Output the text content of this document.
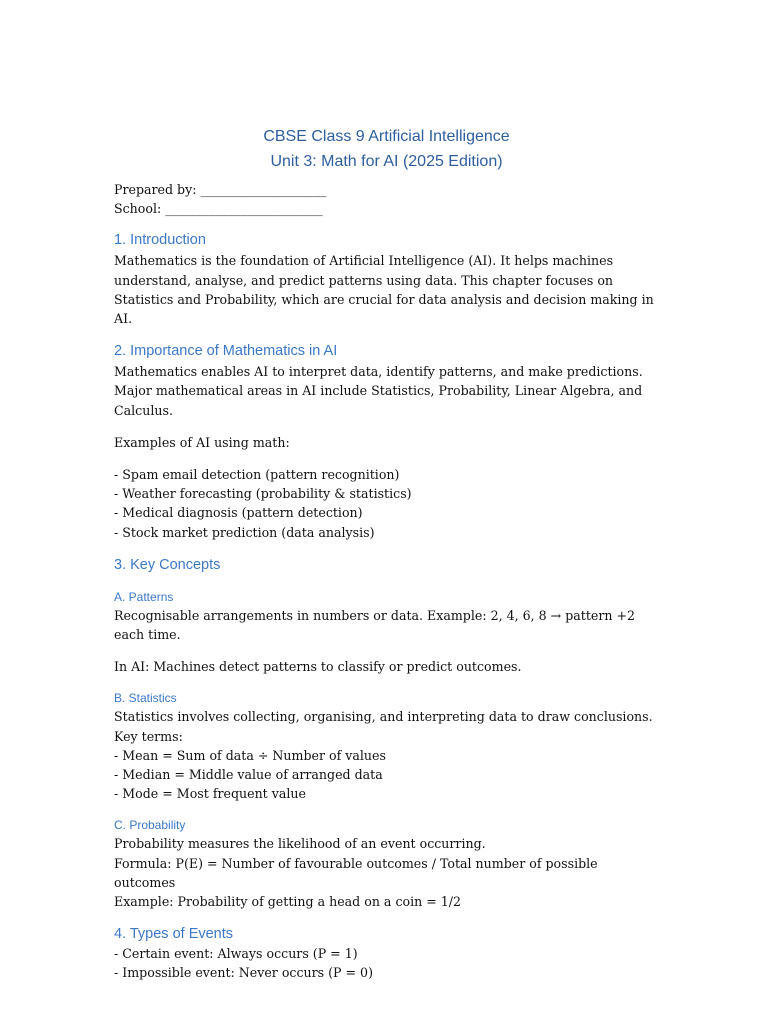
CBSE Class 9 Artificial Intelligence

Unit 3: Math for AI (2025 Edition)

Prepared by: ____________________

School: _________________________

1. Introduction

Mathematics is the foundation of Artificial Intelligence (AI). It helps machines understand, analyse, and predict patterns using data. This chapter focuses on Statistics and Probability, which are crucial for data analysis and decision making in AI.

2. Importance of Mathematics in AI

Mathematics enables AI to interpret data, identify patterns, and make predictions. Major mathematical areas in AI include Statistics, Probability, Linear Algebra, and Calculus.

Examples of AI using math:

- Spam email detection (pattern recognition)
- Weather forecasting (probability & statistics)
- Medical diagnosis (pattern detection)
- Stock market prediction (data analysis)
3. Key Concepts
A. Patterns

Recognisable arrangements in numbers or data. Example: 2, 4, 6, 8 → pattern +2 each time.

In AI: Machines detect patterns to classify or predict outcomes.

B. Statistics
Statistics involves collecting, organising, and interpreting data to draw conclusions.
Key terms:
- Mean = Sum of data ÷ Number of values
- Median = Middle value of arranged data
- Mode = Most frequent value
C. Probability
Probability measures the likelihood of an event occurring.
Formula: P(E) = Number of favourable outcomes / Total number of possible outcomes
Example: Probability of getting a head on a coin = 1/2
4. Types of Events
- Certain event: Always occurs (P = 1)
- Impossible event: Never occurs (P = 0)
